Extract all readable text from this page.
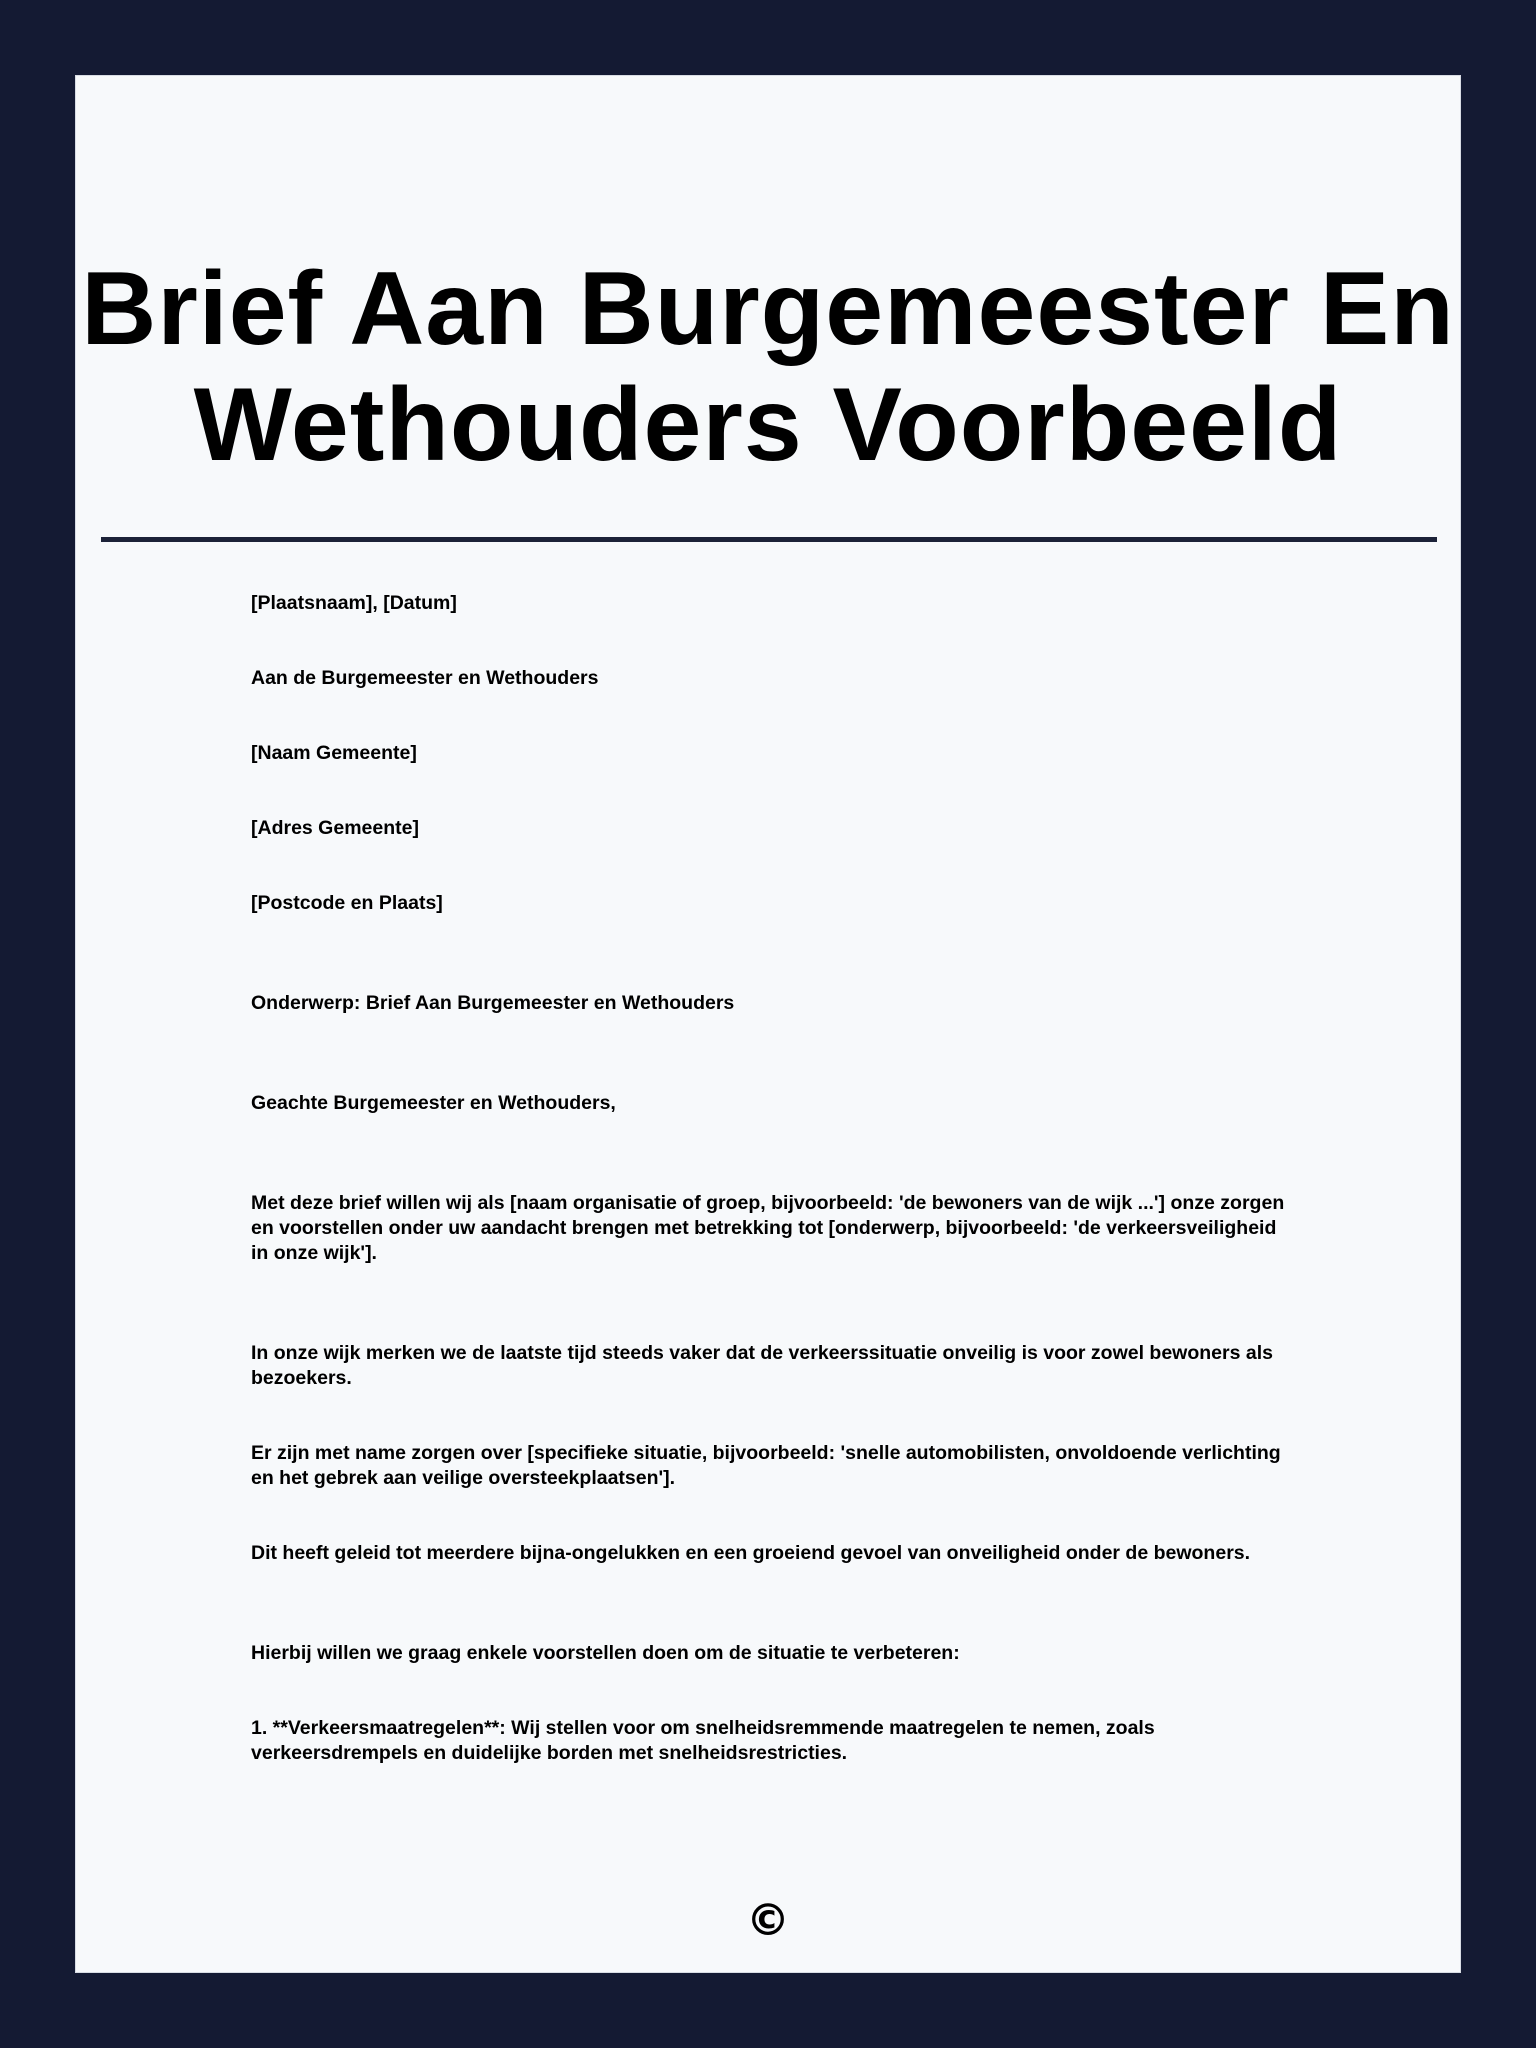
Brief Aan Burgemeester En
Wethouders Voorbeeld

[Plaatsnaam], [Datum]

Aan de Burgemeester en Wethouders

[Naam Gemeente]

[Adres Gemeente]

[Postcode en Plaats]

Onderwerp: Brief Aan Burgemeester en Wethouders

Geachte Burgemeester en Wethouders,

Met deze brief willen wij als [naam organisatie of groep, bijvoorbeeld: 'de bewoners van de wijk ...'] onze zorgen en voorstellen onder uw aandacht brengen met betrekking tot [onderwerp, bijvoorbeeld: 'de verkeersveiligheid in onze wijk'].

In onze wijk merken we de laatste tijd steeds vaker dat de verkeerssituatie onveilig is voor zowel bewoners als bezoekers.

Er zijn met name zorgen over [specifieke situatie, bijvoorbeeld: 'snelle automobilisten, onvoldoende verlichting en het gebrek aan veilige oversteekplaatsen'].

Dit heeft geleid tot meerdere bijna-ongelukken en een groeiend gevoel van onveiligheid onder de bewoners.

Hierbij willen we graag enkele voorstellen doen om de situatie te verbeteren:

1. **Verkeersmaatregelen**: Wij stellen voor om snelheidsremmende maatregelen te nemen, zoals verkeersdrempels en duidelijke borden met snelheidsrestricties.

©
